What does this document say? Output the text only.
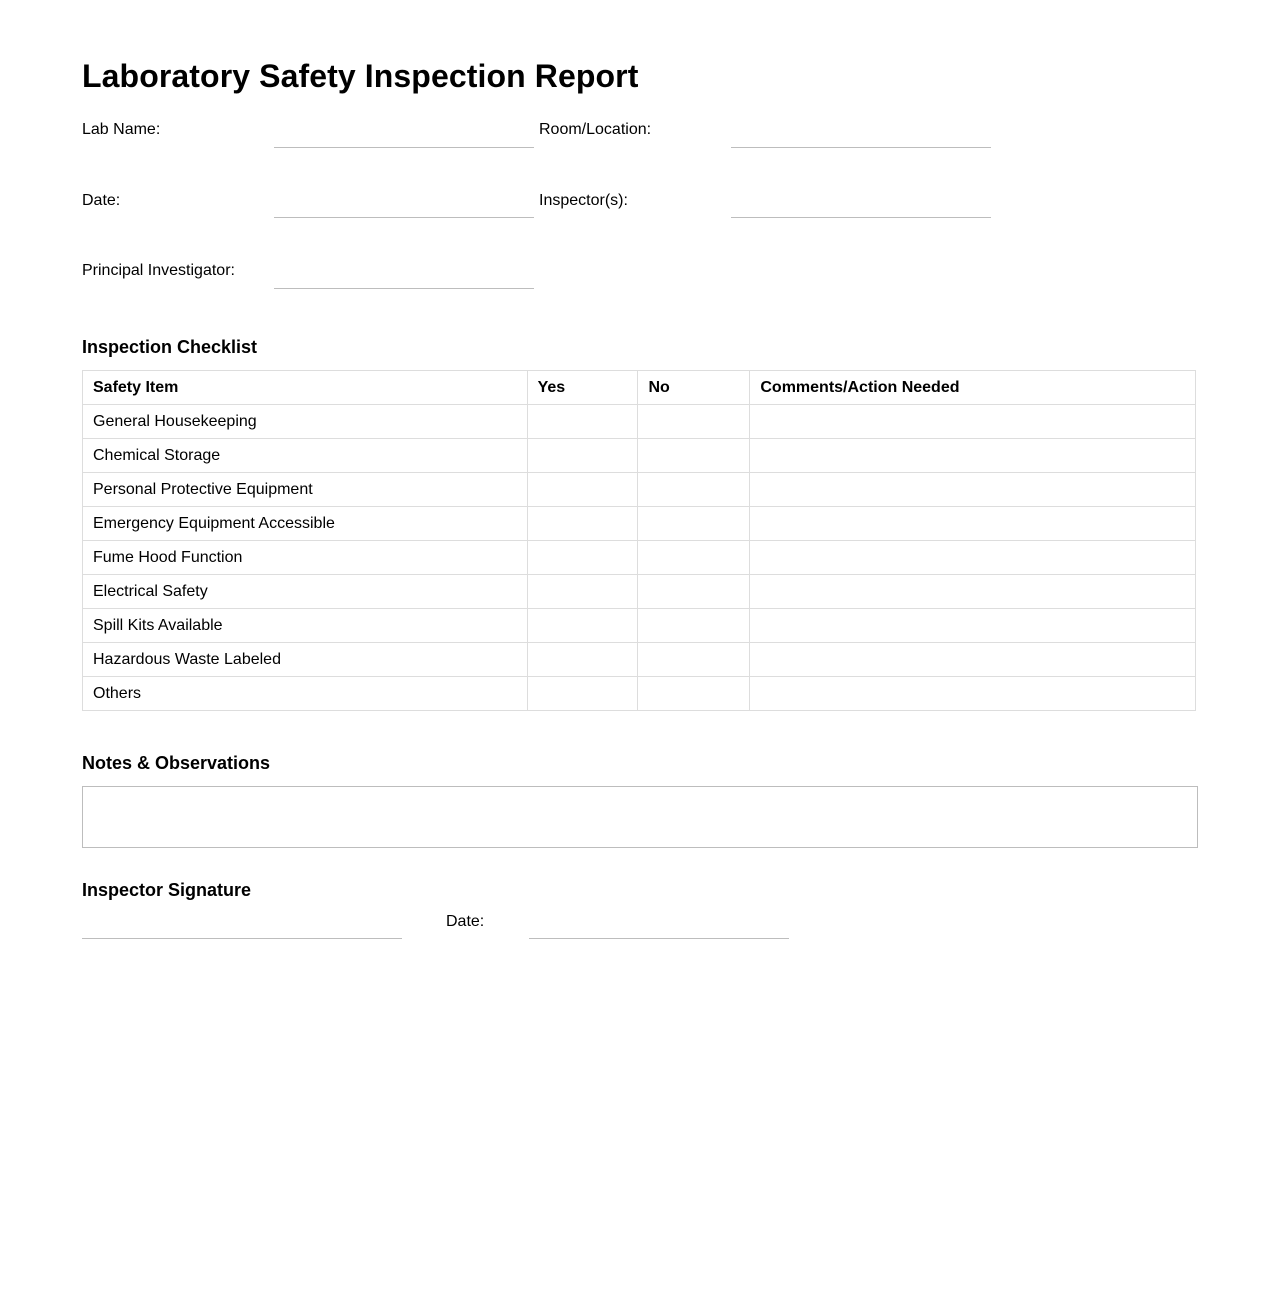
Laboratory Safety Inspection Report
Lab Name:	Room/Location:
Date:	Inspector(s):
Principal Investigator:
Inspection Checklist
Safety Item	Yes	No	Comments/Action Needed
General Housekeeping			
Chemical Storage			
Personal Protective Equipment			
Emergency Equipment Accessible			
Fume Hood Function			
Electrical Safety			
Spill Kits Available			
Hazardous Waste Labeled			
Others			
Notes & Observations
Inspector Signature
Date:
